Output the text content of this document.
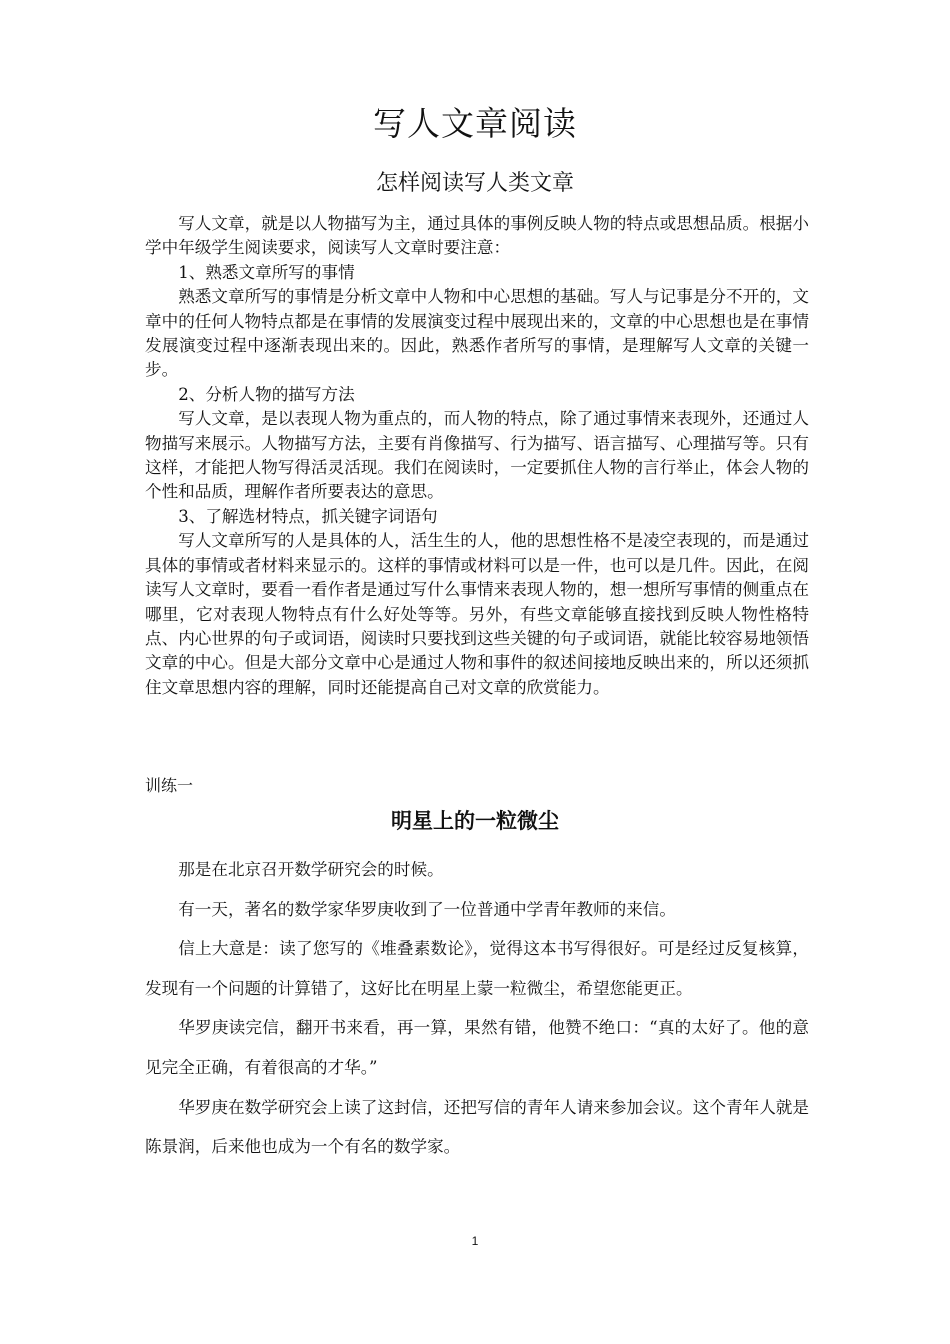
写人文章阅读
怎样阅读写人类文章

写人文章，就是以人物描写为主，通过具体的事例反映人物的特点或思想品质。根据小学中年级学生阅读要求，阅读写人文章时要注意：

1、熟悉文章所写的事情

熟悉文章所写的事情是分析文章中人物和中心思想的基础。写人与记事是分不开的，文章中的任何人物特点都是在事情的发展演变过程中展现出来的，文章的中心思想也是在事情发展演变过程中逐渐表现出来的。因此，熟悉作者所写的事情，是理解写人文章的关键一步。

2、分析人物的描写方法

写人文章，是以表现人物为重点的，而人物的特点，除了通过事情来表现外，还通过人物描写来展示。人物描写方法，主要有肖像描写、行为描写、语言描写、心理描写等。只有这样，才能把人物写得活灵活现。我们在阅读时，一定要抓住人物的言行举止，体会人物的个性和品质，理解作者所要表达的意思。

3、了解选材特点，抓关键字词语句

写人文章所写的人是具体的人，活生生的人，他的思想性格不是凌空表现的，而是通过具体的事情或者材料来显示的。这样的事情或材料可以是一件，也可以是几件。因此，在阅读写人文章时，要看一看作者是通过写什么事情来表现人物的，想一想所写事情的侧重点在哪里，它对表现人物特点有什么好处等等。另外，有些文章能够直接找到反映人物性格特点、内心世界的句子或词语，阅读时只要找到这些关键的句子或词语，就能比较容易地领悟文章的中心。但是大部分文章中心是通过人物和事件的叙述间接地反映出来的，所以还须抓住文章思想内容的理解，同时还能提高自己对文章的欣赏能力。

训练一
明星上的一粒微尘

那是在北京召开数学研究会的时候。

有一天，著名的数学家华罗庚收到了一位普通中学青年教师的来信。

信上大意是：读了您写的《堆叠素数论》，觉得这本书写得很好。可是经过反复核算，发现有一个问题的计算错了，这好比在明星上蒙一粒微尘，希望您能更正。

华罗庚读完信，翻开书来看，再一算，果然有错，他赞不绝口：“真的太好了。他的意见完全正确，有着很高的才华。”

华罗庚在数学研究会上读了这封信，还把写信的青年人请来参加会议。这个青年人就是陈景润，后来他也成为一个有名的数学家。

1
